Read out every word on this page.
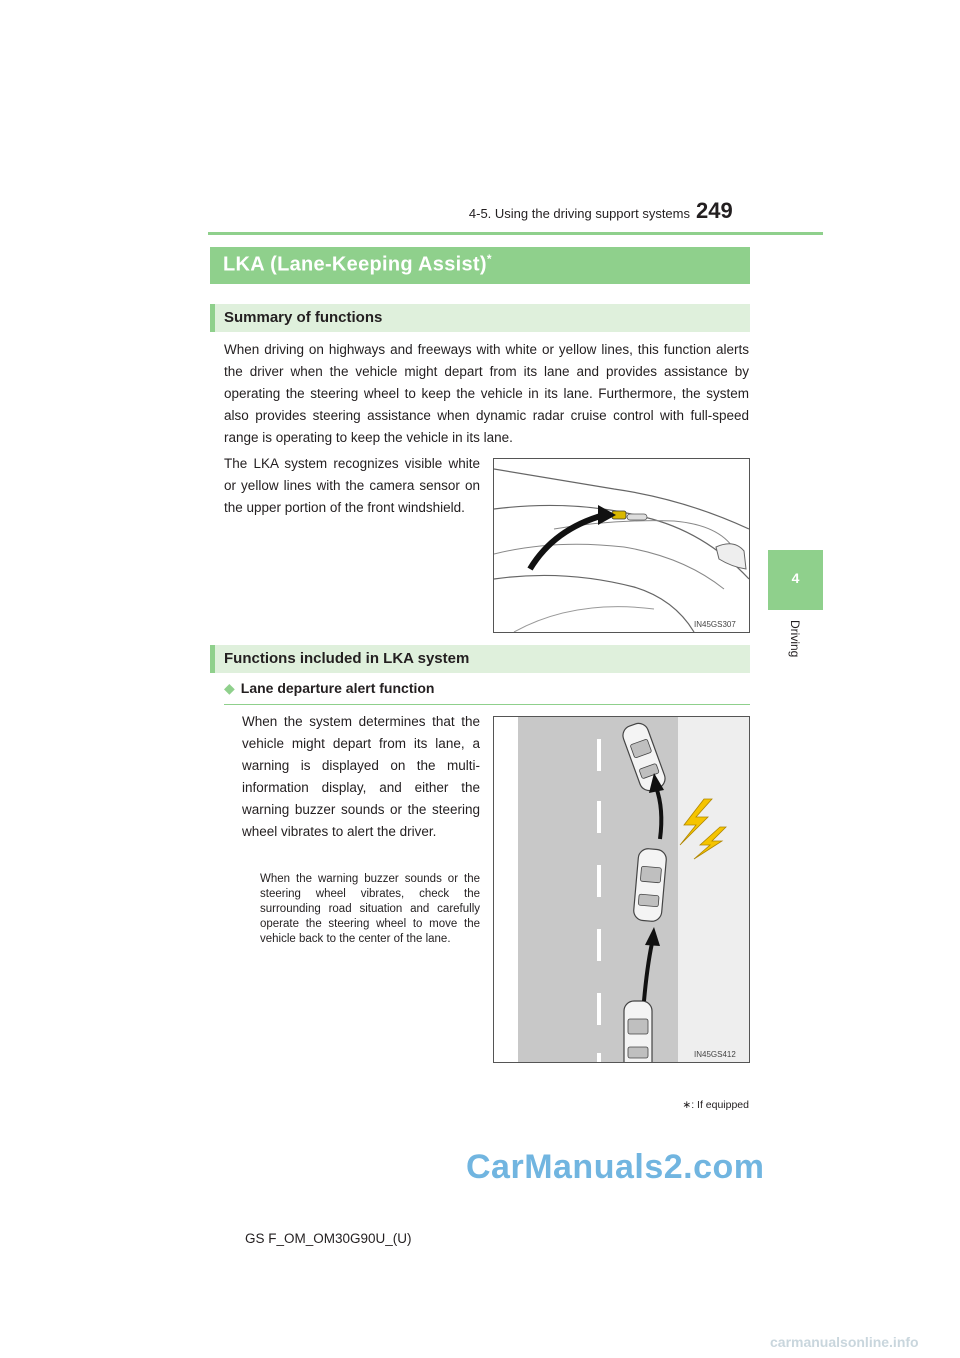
4-5. Using the driving support systems 249
4
Driving
LKA (Lane-Keeping Assist)*
Summary of functions
When driving on highways and freeways with white or yellow lines, this function alerts the driver when the vehicle might depart from its lane and provides assistance by operating the steering wheel to keep the vehicle in its lane. Furthermore, the system also provides steering assistance when dynamic radar cruise control with full-speed range is operating to keep the vehicle in its lane.
The LKA system recognizes visible white or yellow lines with the camera sensor on the upper portion of the front windshield.
IN45GS307
Functions included in LKA system
◆ Lane departure alert function
When the system determines that the vehicle might depart from its lane, a warning is displayed on the multi-information display, and either the warning buzzer sounds or the steering wheel vibrates to alert the driver.
When the warning buzzer sounds or the steering wheel vibrates, check the surrounding road situation and carefully operate the steering wheel to move the vehicle back to the center of the lane.
IN45GS412
∗: If equipped
CarManuals2.com
GS F_OM_OM30G90U_(U)
carmanualsonline.info
